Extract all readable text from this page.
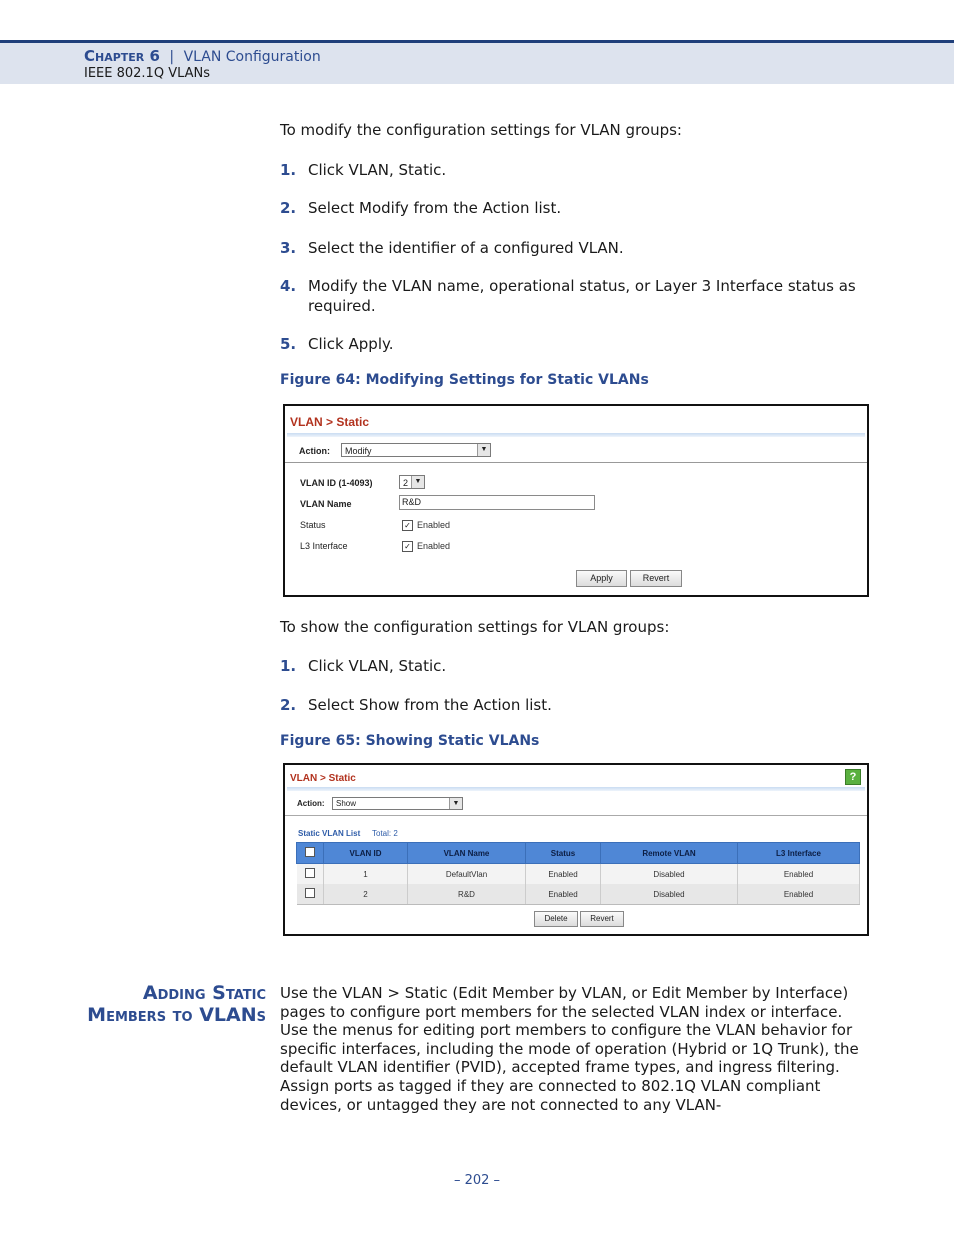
Chapter 6 | VLAN Configuration
IEEE 802.1Q VLANs
To modify the configuration settings for VLAN groups:
1. Click VLAN, Static.
2. Select Modify from the Action list.
3. Select the identifier of a configured VLAN.
4. Modify the VLAN name, operational status, or Layer 3 Interface status as required.
5. Click Apply.
Figure 64: Modifying Settings for Static VLANs
VLAN > Static
Action:	Modify	▼
VLAN ID (1-4093)	2 ▼
VLAN Name	R&D
Status	✓ Enabled
L3 Interface	✓ Enabled
Apply	Revert
To show the configuration settings for VLAN groups:
1. Click VLAN, Static.
2. Select Show from the Action list.
Figure 65: Showing Static VLANs
VLAN > Static	?
Action:	Show	▼
Static VLAN List Total: 2
	VLAN ID	VLAN Name	Status	Remote VLAN	L3 Interface
	1	DefaultVlan	Enabled	Disabled	Enabled
	2	R&D	Enabled	Disabled	Enabled
Delete	Revert
Adding Static
Members to VLANs
Use the VLAN > Static (Edit Member by VLAN, or Edit Member by Interface) pages to configure port members for the selected VLAN index or interface. Use the menus for editing port members to configure the VLAN behavior for specific interfaces, including the mode of operation (Hybrid or 1Q Trunk), the default VLAN identifier (PVID), accepted frame types, and ingress filtering. Assign ports as tagged if they are connected to 802.1Q VLAN compliant devices, or untagged they are not connected to any VLAN-
– 202 –
